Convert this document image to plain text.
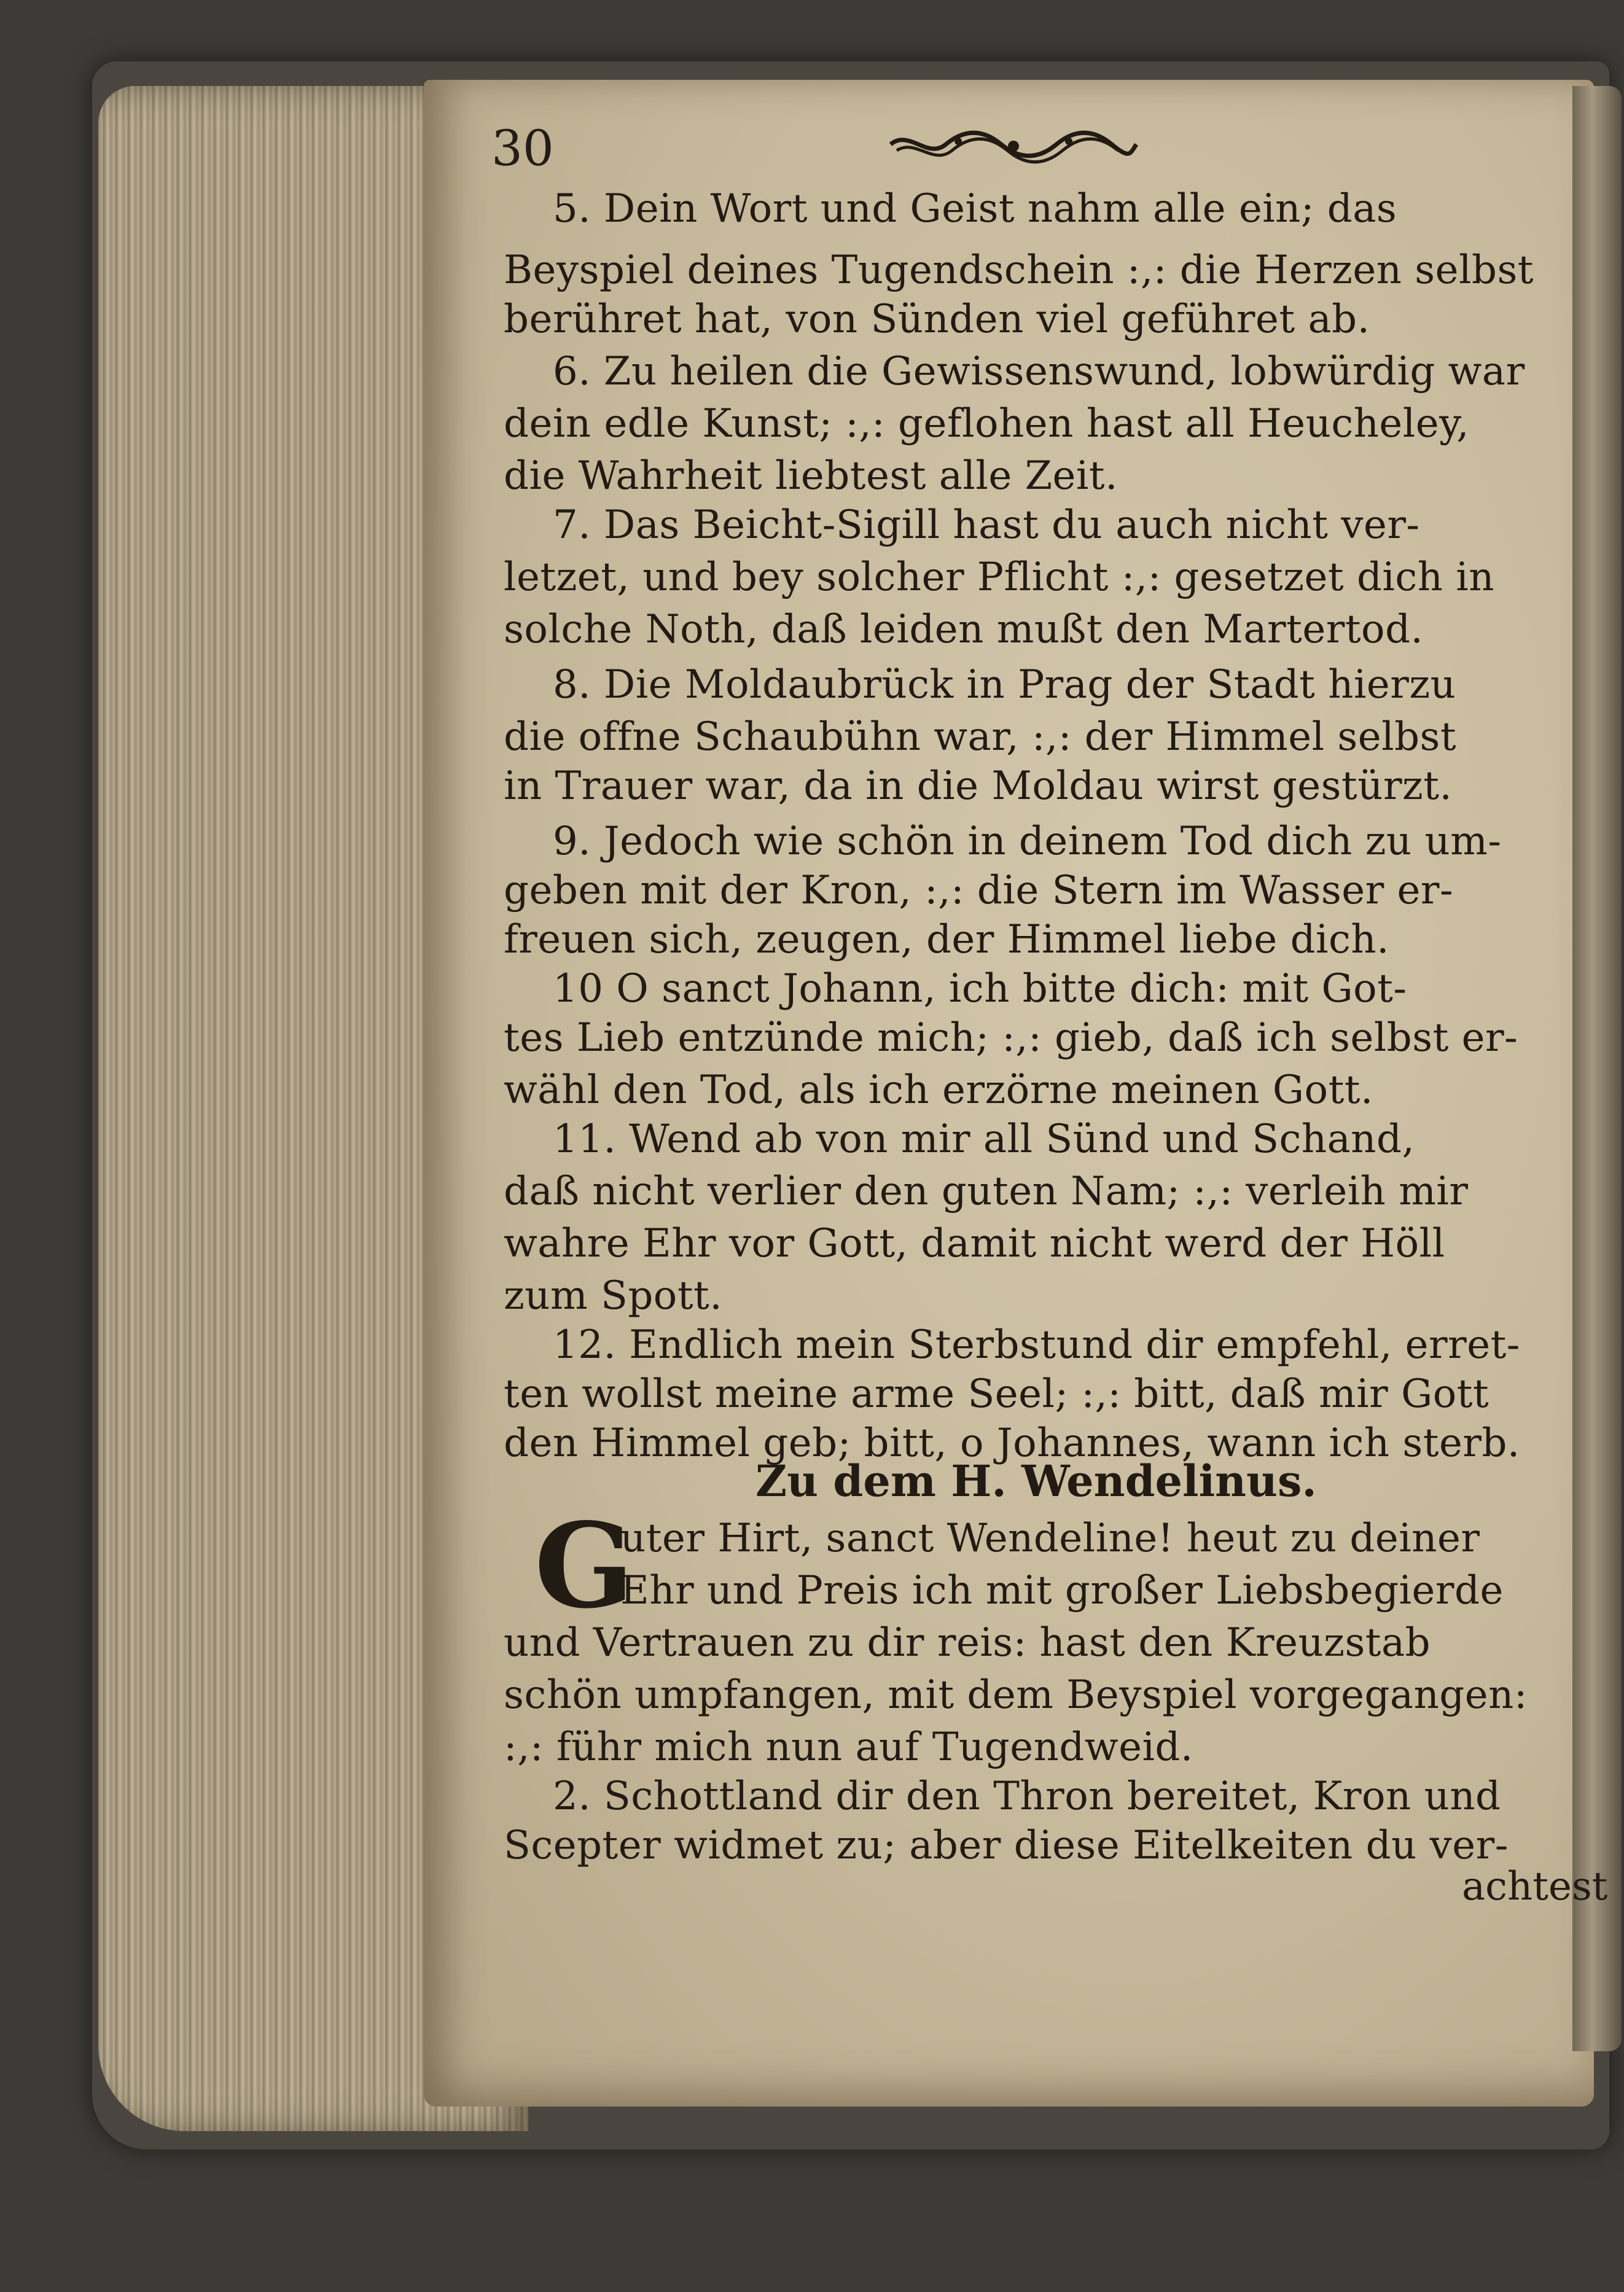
30
5. Dein Wort und Geist nahm alle ein; das
Beyspiel deines Tugendschein :,: die Herzen selbst
berühret hat, von Sünden viel geführet ab.
6. Zu heilen die Gewissenswund, lobwürdig war
dein edle Kunst; :,: geflohen hast all Heucheley,
die Wahrheit liebtest alle Zeit.
7. Das Beicht-Sigill hast du auch nicht ver-
letzet, und bey solcher Pflicht :,: gesetzet dich in
solche Noth, daß leiden mußt den Martertod.
8. Die Moldaubrück in Prag der Stadt hierzu
die offne Schaubühn war, :,: der Himmel selbst
in Trauer war, da in die Moldau wirst gestürzt.
9. Jedoch wie schön in deinem Tod dich zu um-
geben mit der Kron, :,: die Stern im Wasser er-
freuen sich, zeugen, der Himmel liebe dich.
10 O sanct Johann, ich bitte dich: mit Got-
tes Lieb entzünde mich; :,: gieb, daß ich selbst er-
wähl den Tod, als ich erzörne meinen Gott.
11. Wend ab von mir all Sünd und Schand,
daß nicht verlier den guten Nam; :,: verleih mir
wahre Ehr vor Gott, damit nicht werd der Höll
zum Spott.
12. Endlich mein Sterbstund dir empfehl, erret-
ten wollst meine arme Seel; :,: bitt, daß mir Gott
den Himmel geb; bitt, o Johannes, wann ich sterb.
Zu dem H. Wendelinus.
G
uter Hirt, sanct Wendeline! heut zu deiner
Ehr und Preis ich mit großer Liebsbegierde
und Vertrauen zu dir reis: hast den Kreuzstab
schön umpfangen, mit dem Beyspiel vorgegangen:
:,: führ mich nun auf Tugendweid.
2. Schottland dir den Thron bereitet, Kron und
Scepter widmet zu; aber diese Eitelkeiten du ver-
achtest
